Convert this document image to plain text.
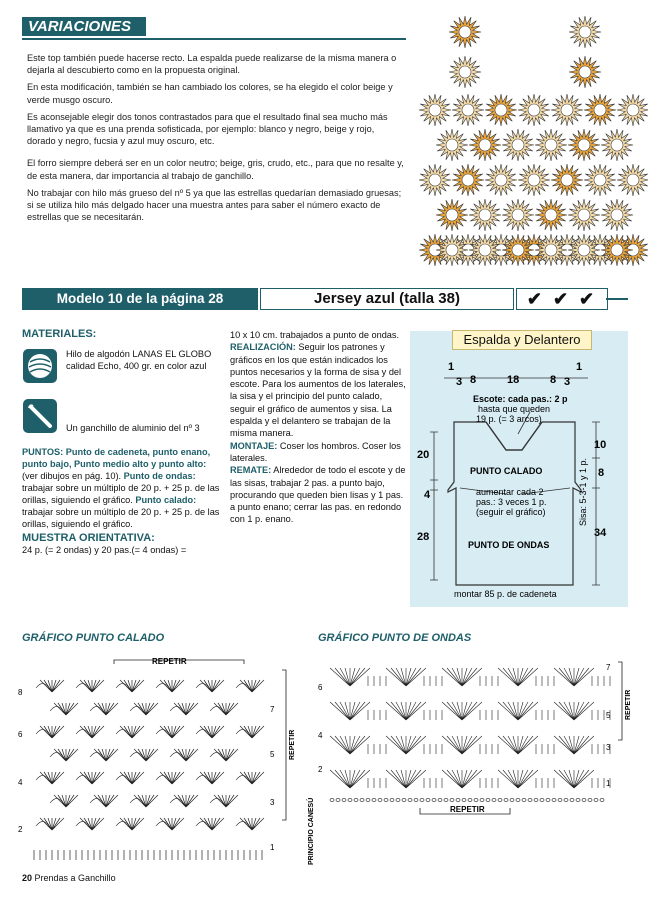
VARIACIONES

Este top también puede hacerse recto. La espalda puede realizarse de la misma manera o dejarla al descubierto como en la propuesta original.

En esta modificación, también se han cambiado los colores, se ha elegido el color beige y verde musgo oscuro.

Es aconsejable elegir dos tonos contrastados para que el resultado final sea mucho más llamativo ya que es una prenda sofisticada, por ejemplo: blanco y negro, beige y rojo, dorado y negro, fucsia y azul muy oscuro, etc.

El forro siempre deberá ser en un color neutro; beige, gris, crudo, etc., para que no resalte y, de esta manera, dar importancia al trabajo de ganchillo.

No trabajar con hilo más grueso del nº 5 ya que las estrellas quedarían demasiado gruesas; si se utiliza hilo más delgado hacer una muestra antes para saber el número exacto de estrellas que se necesitarán.

Modelo 10 de la página 28	Jersey azul (talla 38)	✔ ✔ ✔
MATERIALES:
Hilo de algodón LANAS EL GLOBO calidad Echo, 400 gr. en color azul
Un ganchillo de aluminio del nº 3
PUNTOS: Punto de cadeneta, punto enano, punto bajo, Punto medio alto y punto alto: (ver dibujos en pág. 10). Punto de ondas: trabajar sobre un múltiplo de 20 p. + 25 p. de las orillas, siguiendo el gráfico. Punto calado: trabajar sobre un múltiplo de 20 p. + 25 p. de las orillas, siguiendo el gráfico.
MUESTRA ORIENTATIVA:
24 p. (= 2 ondas) y 20 pas.(= 4 ondas) =
10 x 10 cm. trabajados a punto de ondas.
REALIZACIÓN: Seguir los patrones y gráficos en los que están indicados los puntos necesarios y la forma de sisa y del escote. Para los aumentos de los laterales, la sisa y el principio del punto calado, seguir el gráfico de aumentos y sisa. La espalda y el delantero se trabajan de la misma manera.
MONTAJE: Coser los hombros. Coser los laterales.
REMATE: Alrededor de todo el escote y de las sisas, trabajar 2 pas. a punto bajo, procurando que queden bien lisas y 1 pas. a punto enano; cerrar las pas. en redondo con 1 p. enano.
Espalda y Delantero
1	1
3 8	18	8 3
Escote: cada pas.: 2 p
hasta que queden
19 p. (= 3 arcos)
PUNTO CALADO
aumentar cada 2
pas.: 3 veces 1 p.
(seguir el gráfico)
PUNTO DE ONDAS
montar 85 p. de cadeneta
20
4
28
10
8
34
Sisa: 5-3-1 y 1 p.
GRÁFICO PUNTO CALADO	GRÁFICO PUNTO DE ONDAS
REPETIR
REPETIR
PRINCIPIO CANESÚ
8
6
4
2
7
5
3
1
REPETIR
REPETIR
6
4
2
7
5
3
1
20 Prendas a Ganchillo
